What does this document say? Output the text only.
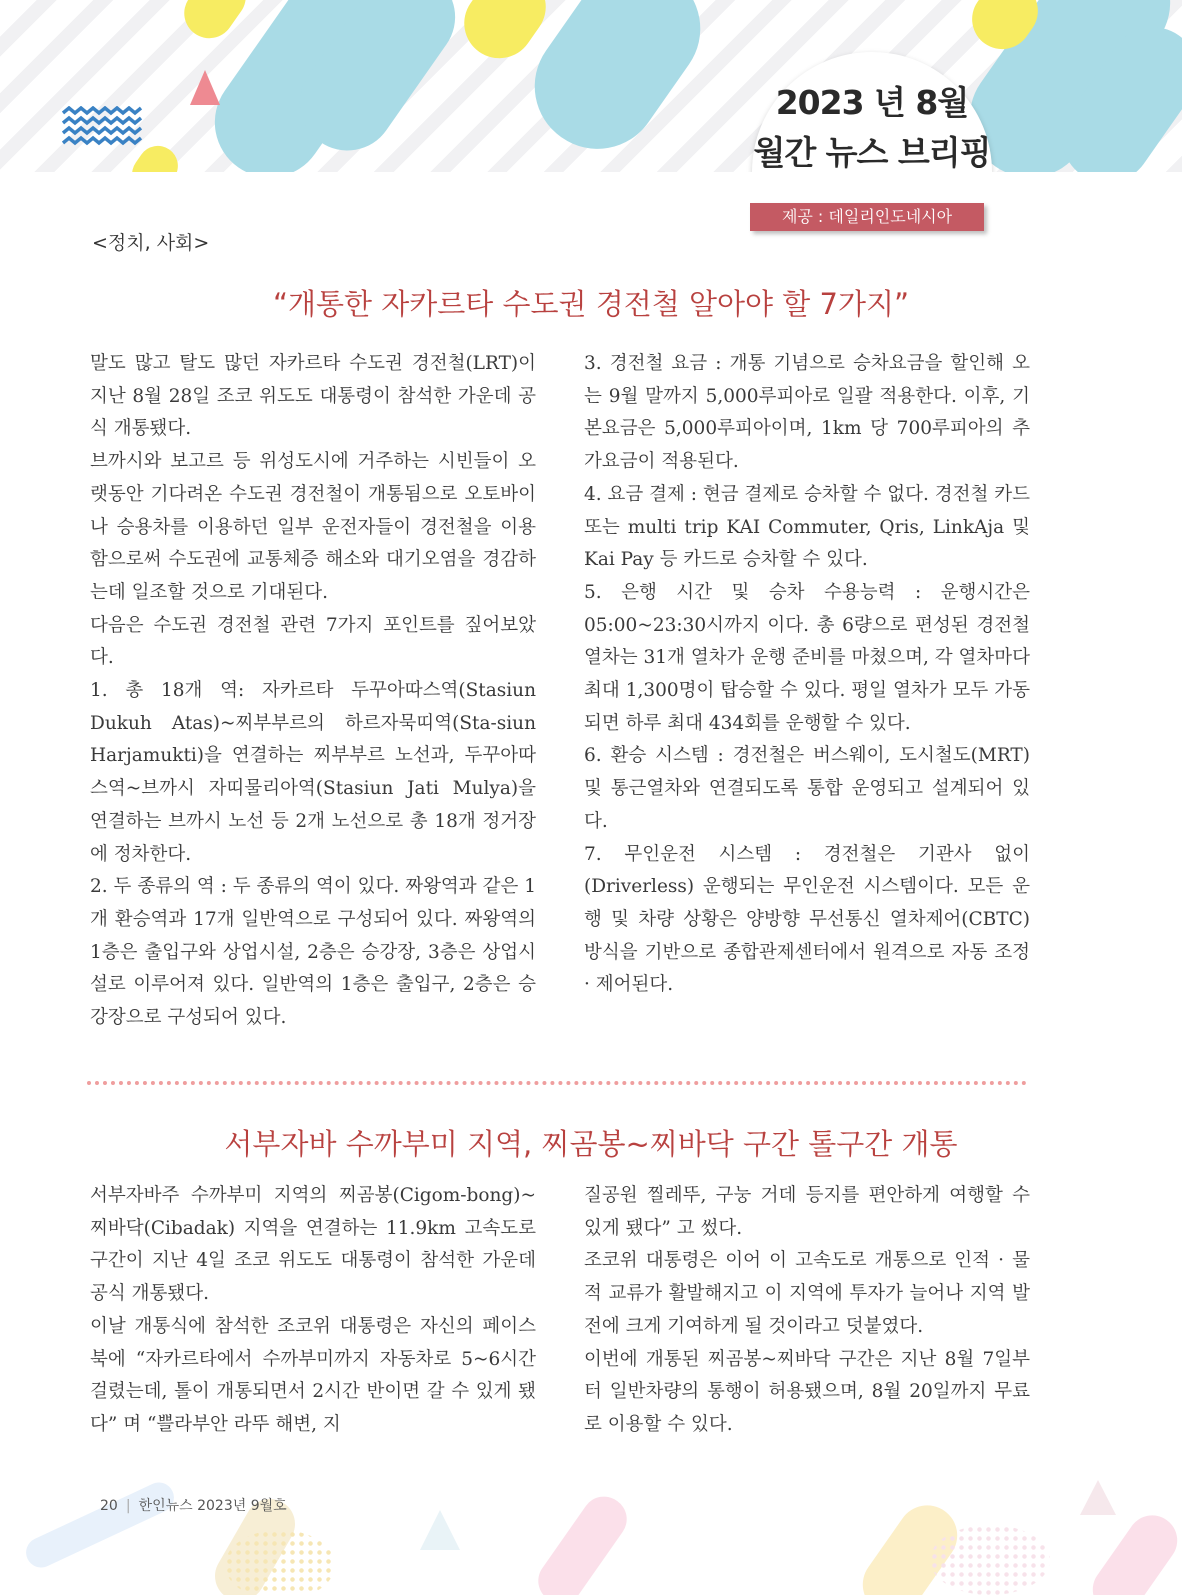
2023 년 8월
월간 뉴스 브리핑
제공 : 데일리인도네시아
<정치, 사회>
“개통한 자카르타 수도권 경전철 알아야 할 7가지”

말도 많고 탈도 많던 자카르타 수도권 경전철(LRT)이 지난 8월 28일 조코 위도도 대통령이 참석한 가운데 공식 개통됐다.

브까시와 보고르 등 위성도시에 거주하는 시빈들이 오랫동안 기다려온 수도권 경전철이 개통됨으로 오토바이나 승용차를 이용하던 일부 운전자들이 경전철을 이용함으로써 수도권에 교통체증 해소와 대기오염을 경감하는데 일조할 것으로 기대된다.

다음은 수도권 경전철 관련 7가지 포인트를 짚어보았다.

1. 총 18개 역: 자카르타 두꾸아따스역(Stasiun Dukuh Atas)~찌부부르의 하르자묵띠역(Sta-siun Harjamukti)을 연결하는 찌부부르 노선과, 두꾸아따스역~브까시 자띠물리아역(Stasiun Jati Mulya)을 연결하는 브까시 노선 등 2개 노선으로 총 18개 정거장에 정차한다.

2. 두 종류의 역 : 두 종류의 역이 있다. 짜왕역과 같은 1개 환승역과 17개 일반역으로 구성되어 있다. 짜왕역의 1층은 출입구와 상업시설, 2층은 승강장, 3층은 상업시설로 이루어져 있다. 일반역의 1층은 출입구, 2층은 승강장으로 구성되어 있다.

3. 경전철 요금 : 개통 기념으로 승차요금을 할인해 오는 9월 말까지 5,000루피아로 일괄 적용한다. 이후, 기본요금은 5,000루피아이며, 1km 당 700루피아의 추가요금이 적용된다.

4. 요금 결제 : 현금 결제로 승차할 수 없다. 경전철 카드 또는 multi trip KAI Commuter, Qris, LinkAja 및 Kai Pay 등 카드로 승차할 수 있다.

5. 은행 시간 및 승차 수용능력 : 운행시간은 05:00~23:30시까지 이다. 총 6량으로 편성된 경전철 열차는 31개 열차가 운행 준비를 마쳤으며, 각 열차마다 최대 1,300명이 탑승할 수 있다. 평일 열차가 모두 가동되면 하루 최대 434회를 운행할 수 있다.

6. 환승 시스템 : 경전철은 버스웨이, 도시철도(MRT) 및 통근열차와 연결되도록 통합 운영되고 설계되어 있다.

7. 무인운전 시스템 : 경전철은 기관사 없이(Driverless) 운행되는 무인운전 시스템이다. 모든 운행 및 차량 상황은 양방향 무선통신 열차제어(CBTC) 방식을 기반으로 종합관제센터에서 원격으로 자동 조정 · 제어된다.

서부자바 수까부미 지역, 찌곰봉~찌바닥 구간 톨구간 개통

서부자바주 수까부미 지역의 찌곰봉(Cigom-bong)~찌바닥(Cibadak) 지역을 연결하는 11.9km 고속도로 구간이 지난 4일 조코 위도도 대통령이 참석한 가운데 공식 개통됐다.

이날 개통식에 참석한 조코위 대통령은 자신의 페이스북에 “자카르타에서 수까부미까지 자동차로 5~6시간 걸렸는데, 톨이 개통되면서 2시간 반이면 갈 수 있게 됐다” 며 “쁠라부안 라뚜 해변, 지

질공원 찔레뚜, 구눙 거데 등지를 편안하게 여행할 수 있게 됐다” 고 썼다.

조코위 대통령은 이어 이 고속도로 개통으로 인적 · 물적 교류가 활발해지고 이 지역에 투자가 늘어나 지역 발전에 크게 기여하게 될 것이라고 덧붙였다.

이번에 개통된 찌곰봉~찌바닥 구간은 지난 8월 7일부터 일반차량의 통행이 허용됐으며, 8월 20일까지 무료로 이용할 수 있다.

20 | 한인뉴스 2023년 9월호
